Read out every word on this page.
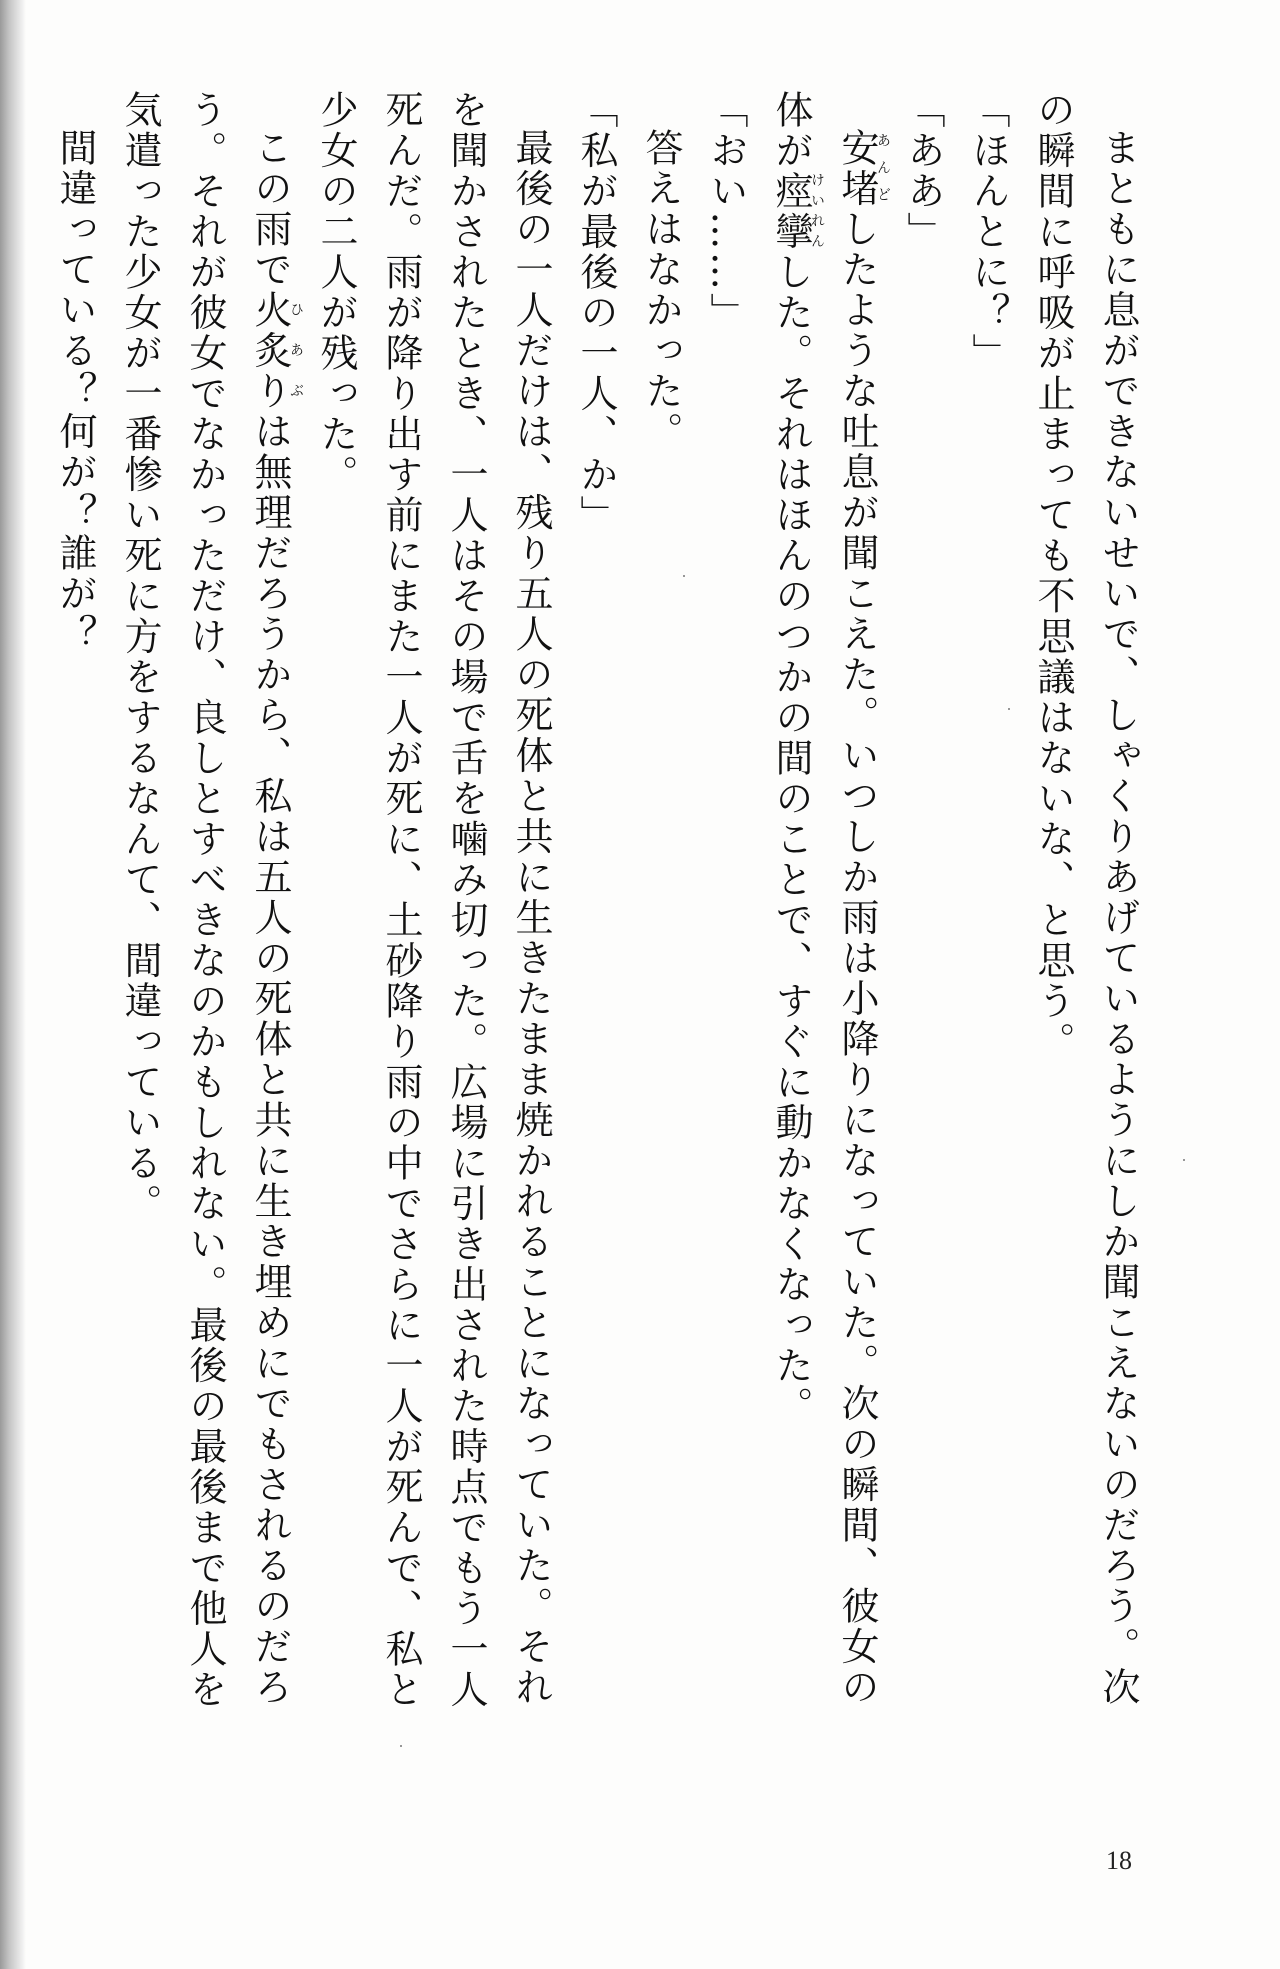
まともに息ができないせいで、しゃくりあげているようにしか聞こえないのだろう。次

の瞬間に呼吸が止まっても不思議はないな、と思う。

「ほんとに？」

「ああ」

安堵あんどしたような吐息が聞こえた。いつしか雨は小降りになっていた。次の瞬間、彼女の

体が痙攣けいれんした。それはほんのつかの間のことで、すぐに動かなくなった。

「おい……」

答えはなかった。

「私が最後の一人、か」

最後の一人だけは、残り五人の死体と共に生きたまま焼かれることになっていた。それ

を聞かされたとき、一人はその場で舌を噛み切った。広場に引き出された時点でもう一人

死んだ。雨が降り出す前にまた一人が死に、土砂降り雨の中でさらに一人が死んで、私と

少女の二人が残った。

この雨で火炙りひあぶは無理だろうから、私は五人の死体と共に生き埋めにでもされるのだろ

う。それが彼女でなかっただけ、良しとすべきなのかもしれない。最後の最後まで他人を

気遣った少女が一番惨い死に方をするなんて、間違っている。

間違っている？何が？誰が？

18
